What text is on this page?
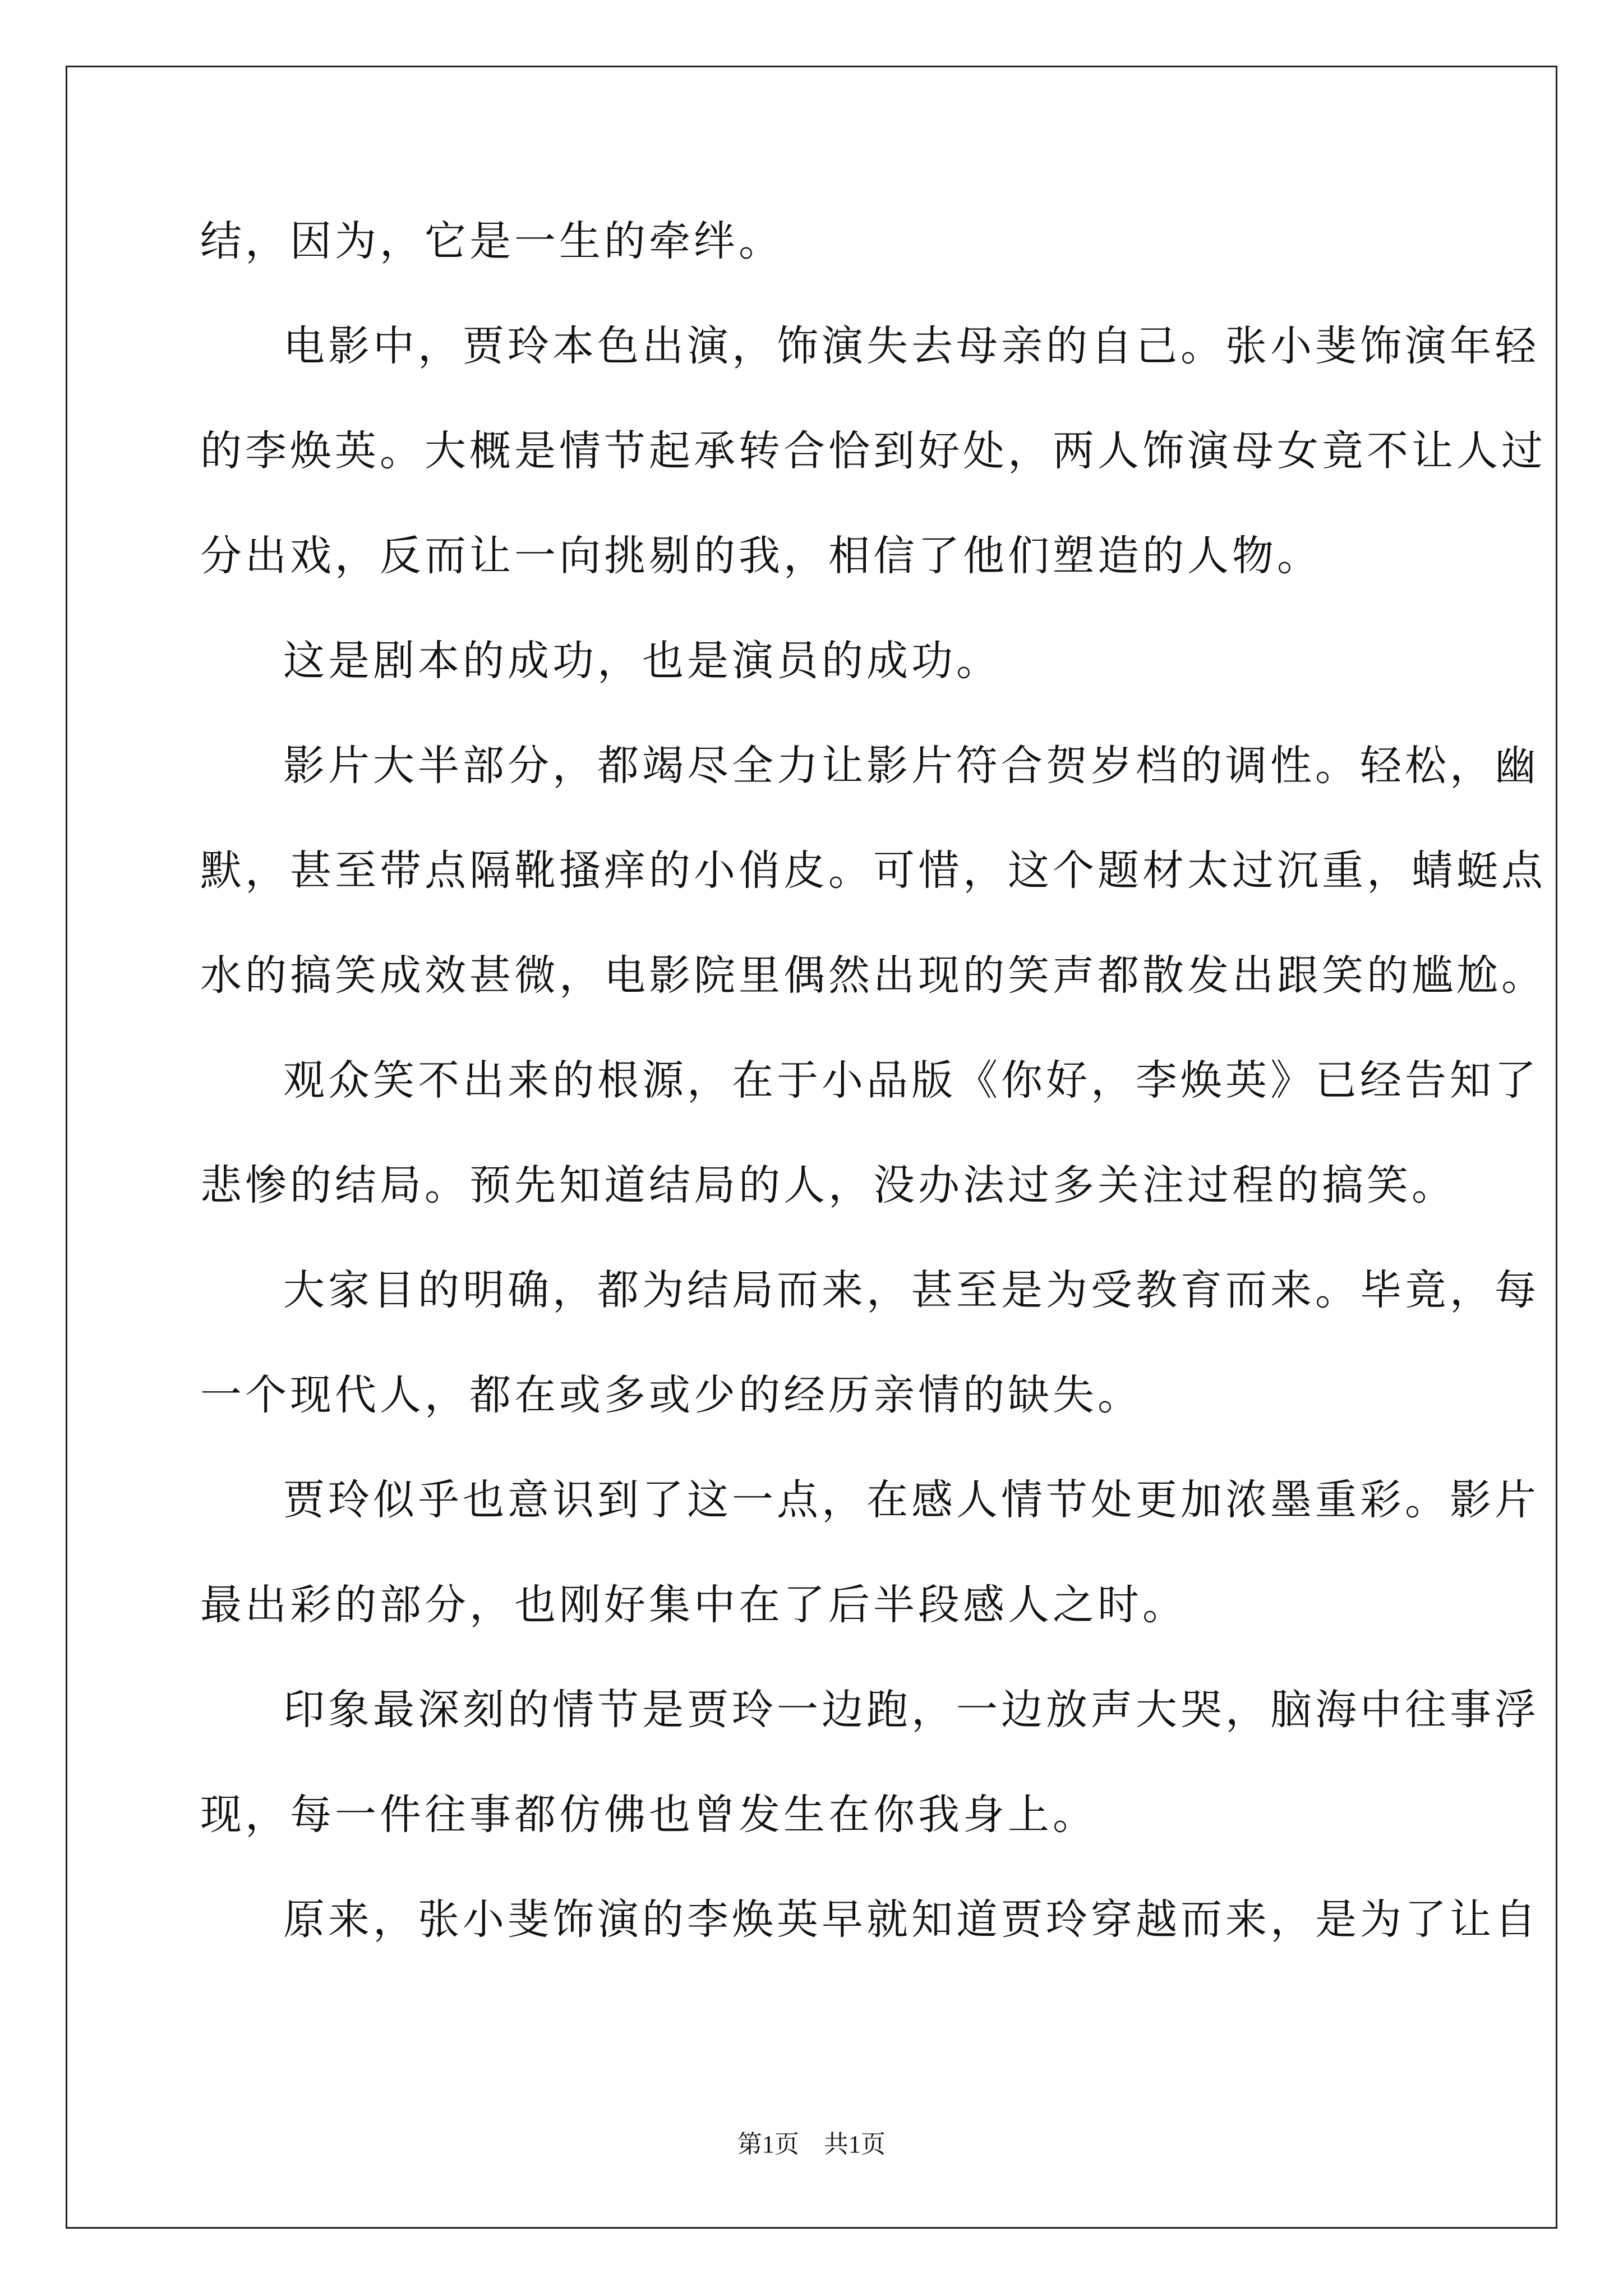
结，因为，它是一生的牵绊。
电影中，贾玲本色出演，饰演失去母亲的自己。张小斐饰演年轻
的李焕英。大概是情节起承转合恰到好处，两人饰演母女竟不让人过
分出戏，反而让一向挑剔的我，相信了他们塑造的人物。
这是剧本的成功，也是演员的成功。
影片大半部分，都竭尽全力让影片符合贺岁档的调性。轻松，幽
默，甚至带点隔靴搔痒的小俏皮。可惜，这个题材太过沉重，蜻蜓点
水的搞笑成效甚微，电影院里偶然出现的笑声都散发出跟笑的尴尬。
观众笑不出来的根源，在于小品版《你好，李焕英》已经告知了
悲惨的结局。预先知道结局的人，没办法过多关注过程的搞笑。
大家目的明确，都为结局而来，甚至是为受教育而来。毕竟，每
一个现代人，都在或多或少的经历亲情的缺失。
贾玲似乎也意识到了这一点，在感人情节处更加浓墨重彩。影片
最出彩的部分，也刚好集中在了后半段感人之时。
印象最深刻的情节是贾玲一边跑，一边放声大哭，脑海中往事浮
现，每一件往事都仿佛也曾发生在你我身上。
原来，张小斐饰演的李焕英早就知道贾玲穿越而来，是为了让自
第1页　共1页
